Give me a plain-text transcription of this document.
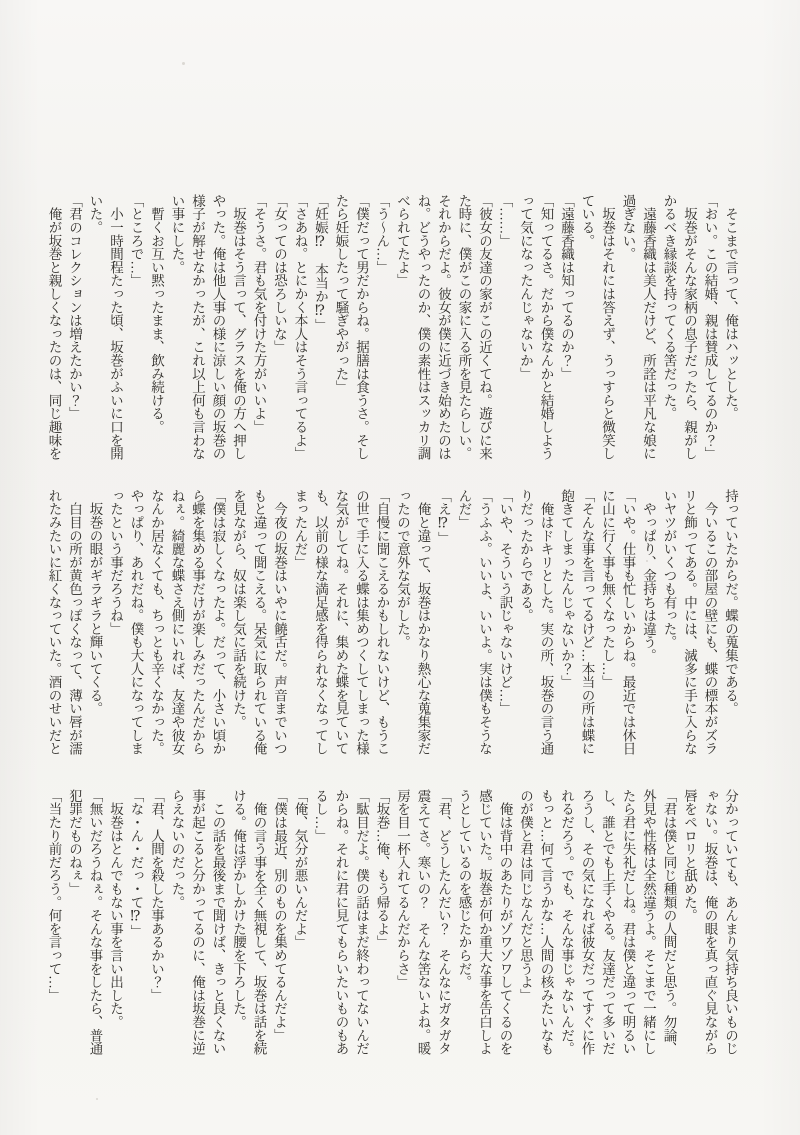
　そこまで言って、俺はハッとした。
「おい。この結婚、親は賛成してるのか？」
　坂巻がそんな家柄の息子だったら、親がし
かるべき縁談を持ってくる筈だった。
　遠藤香織は美人だけど、所詮は平凡な娘に
過ぎない。
　坂巻はそれには答えず、うっすらと微笑し
ている。
「遠藤香織は知ってるのか？」
「知ってるさ。だから僕なんかと結婚しよう
って気になったんじゃないか」
「……」
「彼女の友達の家がこの近くてね。遊びに来
た時に、僕がこの家に入る所を見たらしい。
それからだよ。彼女が僕に近づき始めたのは
ね。どうやったのか、僕の素性はスッカリ調
べられてたよ」
「う～ん…」
「僕だって男だからね。据膳は食うさ。そし
たら妊娠したって騒ぎやがった」
「妊娠⁉　本当か⁉」
「さあね。とにかく本人はそう言ってるよ」
「女ってのは恐ろしいな」
「そうさ。君も気を付けた方がいいよ」
　坂巻はそう言って、グラスを俺の方へ押し
やった。俺は他人事の様に涼しい顔の坂巻の
様子が解せなかったが、これ以上何も言わな
い事にした。
　暫くお互い黙ったまま、飲み続ける。
「ところで…」
　小一時間程たった頃、坂巻がふいに口を開
いた。
「君のコレクションは増えたかい？」
　俺が坂巻と親しくなったのは、同じ趣味を
持っていたからだ。蝶の蒐集である。
　今いるこの部屋の壁にも、蝶の標本がズラ
リと飾ってある。中には、滅多に手に入らな
いヤツがいくつも有った。
　やっぱり、金持ちは違う。
「いや。仕事も忙しいからね。最近では休日
に山に行く事も無くなったし…」
「そんな事を言ってるけど…本当の所は蝶に
飽きてしまったんじゃないか？」
　俺はドキリとした。実の所、坂巻の言う通
りだったからである。
「いや、そういう訳じゃないけど…」
「うふふ。いいよ、いいよ。実は僕もそうな
んだ」
「え⁉」
　俺と違って、坂巻はかなり熱心な蒐集家だ
ったので意外な気がした。
「自慢に聞こえるかもしれないけど、もうこ
の世で手に入る蝶は集めつくしてしまった様
な気がしてね。それに、集めた蝶を見ていて
も、以前の様な満足感を得られなくなってし
まったんだ」
　今夜の坂巻はいやに饒舌だ。声音までいつ
もと違って聞こえる。呆気に取られている俺
を見ながら、奴は楽し気に話を続けた。
「僕は寂しくなったよ。だって、小さい頃か
ら蝶を集める事だけが楽しみだったんだから
ねぇ。綺麗な蝶さえ側にいれば、友達や彼女
なんか居なくても、ちっとも辛くなかった。
やっぱり、あれだね。僕も大人になってしま
ったという事だろうね」
　坂巻の眼がギラギラと輝いてくる。
　白目の所が黄色っぽくなって、薄い唇が濡
れたみたいに紅くなっていた。酒のせいだと
分かっていても、あんまり気持ち良いものじ
ゃない。坂巻は、俺の眼を真っ直ぐ見ながら
唇をペロリと舐めた。
「君は僕と同じ種類の人間だと思う。勿論、
外見や性格は全然違うよ。そこまで一緒にし
たら君に失礼だしね。君は僕と違って明るい
し、誰とでも上手くやる。友達だって多いだ
ろうし、その気になれば彼女だってすぐに作
れるだろう。でも、そんな事じゃないんだ。
もっと…何て言うかな…人間の核みたいなも
のが僕と君は同じなんだと思うよ」
　俺は背中のあたりがゾワゾワしてくるのを
感じていた。坂巻が何か重大な事を告白しよ
うとしているのを感じたからだ。
「君、どうしたんだい？　そんなにガタガタ
震えてさ。寒いの？　そんな筈ないよね。暖
房を目一杯入れてるんだからさ」
「坂巻…俺、もう帰るよ」
「駄目だよ。僕の話はまだ終わってないんだ
からね。それに君に見てもらいたいものもあ
るし…」
「俺、気分が悪いんだよ」
「僕は最近、別のものを集めてるんだよ」
　俺の言う事を全く無視して、坂巻は話を続
ける。俺は浮かしかけた腰を下ろした。
　この話を最後まで聞けば、きっと良くない
事が起こると分かってるのに、俺は坂巻に逆
らえないのだった。
「君、人間を殺した事あるかい？」
「な・ん・だっ・て⁉」
　坂巻はとんでもない事を言い出した。
「無いだろうねぇ。そんな事をしたら、普通
犯罪だものねぇ」
「当たり前だろう。何を言って…」
